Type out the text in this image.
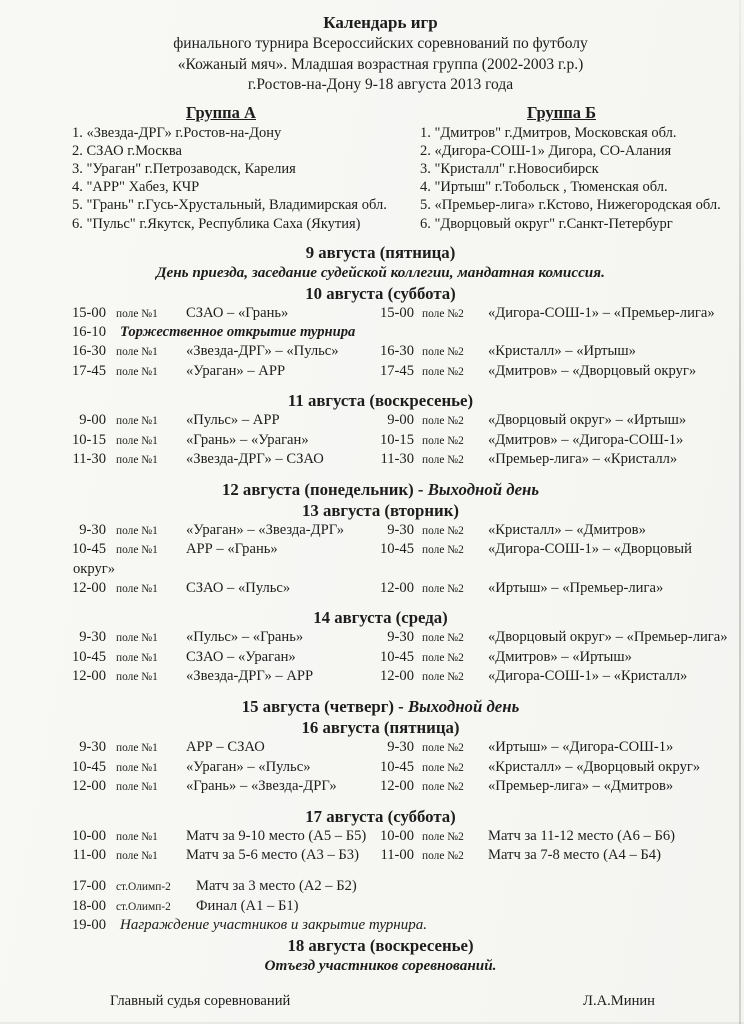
Календарь игр
финального турнира Всероссийских соревнований по футболу
«Кожаный мяч». Младшая возрастная группа (2002-2003 г.р.)
г.Ростов-на-Дону 9-18 августа 2013 года
Группа А
1. «Звезда-ДРГ» г.Ростов-на-Дону
2. СЗАО г.Москва
3. "Ураган" г.Петрозаводск, Карелия
4. "АРР" Хабез, КЧР
5. "Грань" г.Гусь-Хрустальный, Владимирская обл.
6. "Пульс" г.Якутск, Республика Саха (Якутия)
Группа Б
1. "Дмитров" г.Дмитров, Московская обл.
2. «Дигора-СОШ-1» Дигора, СО-Алания
3. "Кристалл" г.Новосибирск
4. "Иртыш" г.Тобольск , Тюменская обл.
5. «Премьер-лига» г.Кстово, Нижегородская обл.
6. "Дворцовый округ" г.Санкт-Петербург
9 августа (пятница)
День приезда, заседание судейской коллегии, мандатная комиссия.
10 августа (суббота)
15-00 поле №1	СЗАО – «Грань»	15-00 поле №2	«Дигора-СОШ-1» – «Премьер-лига»
16-10 Торжественное открытие турнира
16-30 поле №1	«Звезда-ДРГ» – «Пульс»	16-30 поле №2	«Кристалл» – «Иртыш»
17-45 поле №1	«Ураган» – АРР	17-45 поле №2	«Дмитров» – «Дворцовый округ»
11 августа (воскресенье)
9-00 поле №1	«Пульс» – АРР	9-00 поле №2	«Дворцовый округ» – «Иртыш»
10-15 поле №1	«Грань» – «Ураган»	10-15 поле №2	«Дмитров» – «Дигора-СОШ-1»
11-30 поле №1	«Звезда-ДРГ» – СЗАО	11-30 поле №2	«Премьер-лига» – «Кристалл»
12 августа (понедельник) - Выходной день
13 августа (вторник)
9-30 поле №1	«Ураган» – «Звезда-ДРГ»	9-30 поле №2	«Кристалл» – «Дмитров»
10-45 поле №1	АРР – «Грань»	10-45 поле №2	«Дигора-СОШ-1» – «Дворцовый
округ»
12-00 поле №1	СЗАО – «Пульс»	12-00 поле №2	«Иртыш» – «Премьер-лига»
14 августа (среда)
9-30 поле №1	«Пульс» – «Грань»	9-30 поле №2	«Дворцовый округ» – «Премьер-лига»
10-45 поле №1	СЗАО – «Ураган»	10-45 поле №2	«Дмитров» – «Иртыш»
12-00 поле №1	«Звезда-ДРГ» – АРР	12-00 поле №2	«Дигора-СОШ-1» – «Кристалл»
15 августа (четверг) - Выходной день
16 августа (пятница)
9-30 поле №1	АРР – СЗАО	9-30 поле №2	«Иртыш» – «Дигора-СОШ-1»
10-45 поле №1	«Ураган» – «Пульс»	10-45 поле №2	«Кристалл» – «Дворцовый округ»
12-00 поле №1	«Грань» – «Звезда-ДРГ»	12-00 поле №2	«Премьер-лига» – «Дмитров»
17 августа (суббота)
10-00 поле №1	Матч за 9-10 место (А5 – Б5) 10-00 поле №2	Матч за 11-12 место (А6 – Б6)
11-00 поле №1	Матч за 5-6 место (А3 – Б3)	11-00 поле №2	Матч за 7-8 место (А4 – Б4)
17-00 ст.Олимп-2	Матч за 3 место (А2 – Б2)
18-00 ст.Олимп-2	Финал (А1 – Б1)
19-00 Награждение участников и закрытие турнира.
18 августа (воскресенье)
Отъезд участников соревнований.
Главный судья соревнований	Л.А.Минин
